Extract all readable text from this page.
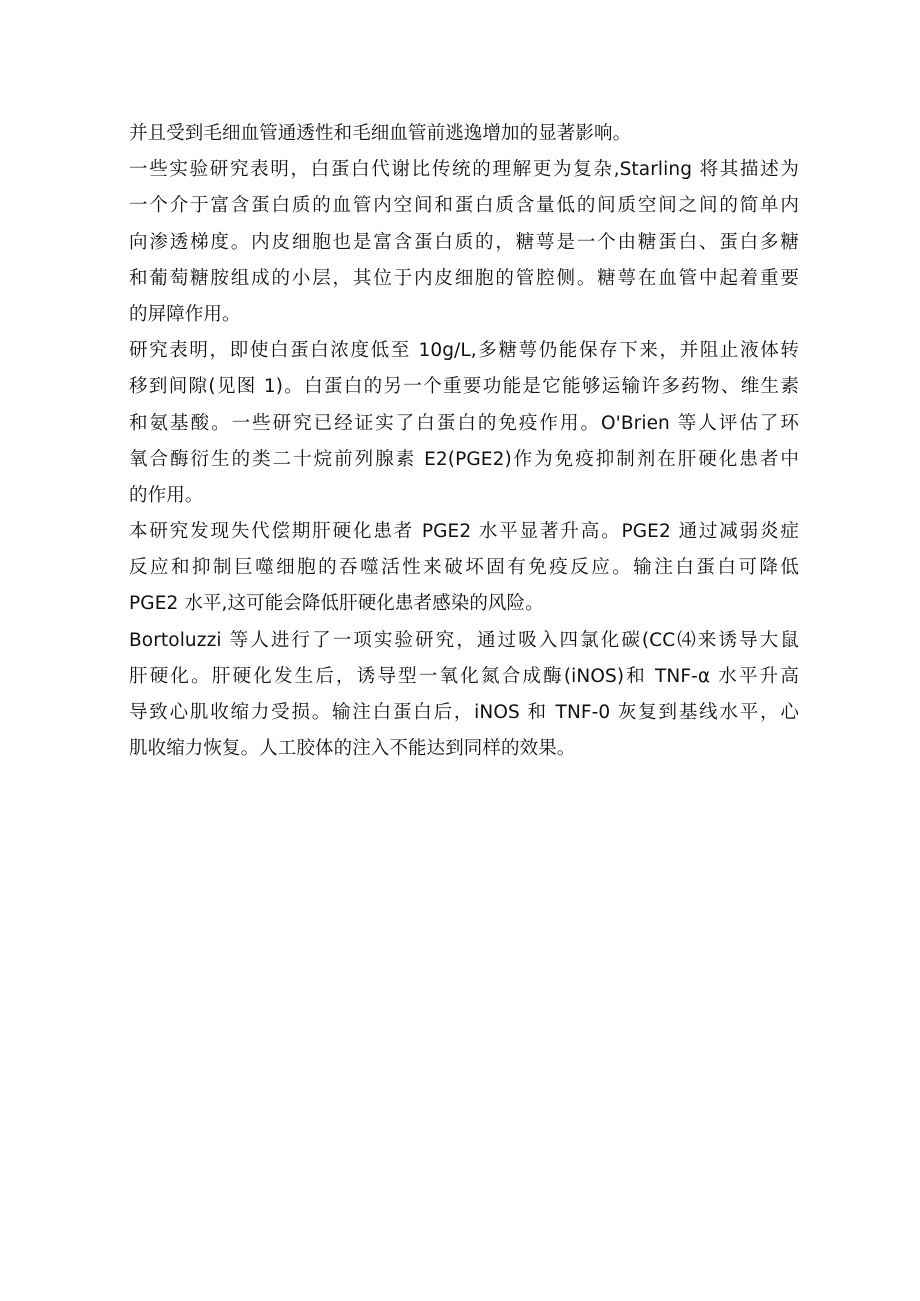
并且受到毛细血管通透性和毛细血管前逃逸增加的显著影响。
一些实验研究表明，白蛋白代谢比传统的理解更为复杂,Starling 将其描述为
一个介于富含蛋白质的血管内空间和蛋白质含量低的间质空间之间的简单内
向渗透梯度。内皮细胞也是富含蛋白质的，糖萼是一个由糖蛋白、蛋白多糖
和葡萄糖胺组成的小层，其位于内皮细胞的管腔侧。糖萼在血管中起着重要
的屏障作用。
研究表明，即使白蛋白浓度低至 10g/L,多糖萼仍能保存下来，并阻止液体转
移到间隙(见图 1)。白蛋白的另一个重要功能是它能够运输许多药物、维生素
和氨基酸。一些研究已经证实了白蛋白的免疫作用。O'Brien 等人评估了环
氧合酶衍生的类二十烷前列腺素 E2(PGE2)作为免疫抑制剂在肝硬化患者中
的作用。
本研究发现失代偿期肝硬化患者 PGE2 水平显著升高。PGE2 通过减弱炎症
反应和抑制巨噬细胞的吞噬活性来破坏固有免疫反应。输注白蛋白可降低
PGE2 水平,这可能会降低肝硬化患者感染的风险。
Bortoluzzi 等人进行了一项实验研究，通过吸入四氯化碳(CC⑷来诱导大鼠
肝硬化。肝硬化发生后，诱导型一氧化氮合成酶(iNOS)和 TNF-α 水平升高
导致心肌收缩力受损。输注白蛋白后，iNOS 和 TNF-0 灰复到基线水平，心
肌收缩力恢复。人工胶体的注入不能达到同样的效果。
